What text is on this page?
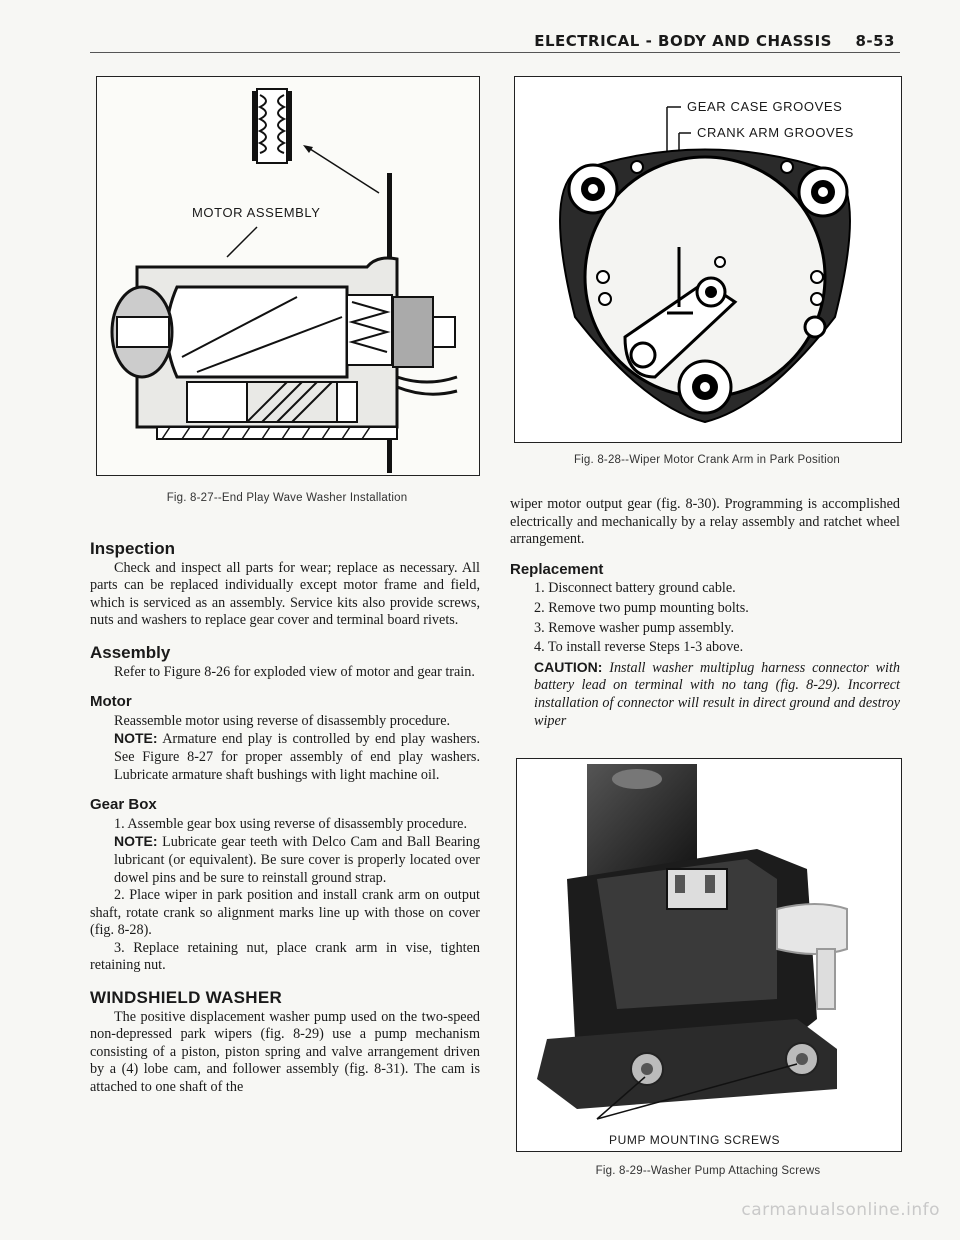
ELECTRICAL - BODY AND CHASSIS 8-53
MOTOR ASSEMBLY
Fig. 8-27--End Play Wave Washer Installation
GEAR CASE GROOVES
CRANK ARM GROOVES
Fig. 8-28--Wiper Motor Crank Arm in Park Position
PUMP MOUNTING SCREWS
Fig. 8-29--Washer Pump Attaching Screws
Inspection

Check and inspect all parts for wear; replace as necessary. All parts can be replaced individually except motor frame and field, which is serviced as an assembly. Service kits also provide screws, nuts and washers to replace gear cover and terminal board rivets.

Assembly

Refer to Figure 8-26 for exploded view of motor and gear train.

Motor

Reassemble motor using reverse of disassembly procedure.

NOTE: Armature end play is controlled by end play washers. See Figure 8-27 for proper assembly of end play washers. Lubricate armature shaft bushings with light machine oil.

Gear Box

1. Assemble gear box using reverse of disassembly procedure.

NOTE: Lubricate gear teeth with Delco Cam and Ball Bearing lubricant (or equivalent). Be sure cover is properly located over dowel pins and be sure to reinstall ground strap.

2. Place wiper in park position and install crank arm on output shaft, rotate crank so alignment marks line up with those on cover (fig. 8-28).

3. Replace retaining nut, place crank arm in vise, tighten retaining nut.

WINDSHIELD WASHER

The positive displacement washer pump used on the two-speed non-depressed park wipers (fig. 8-29) use a pump mechanism consisting of a piston, piston spring and valve arrangement driven by a (4) lobe cam, and follower assembly (fig. 8-31). The cam is attached to one shaft of the

wiper motor output gear (fig. 8-30). Programming is accomplished electrically and mechanically by a relay assembly and ratchet wheel arrangement.

Replacement

1. Disconnect battery ground cable.

2. Remove two pump mounting bolts.

3. Remove washer pump assembly.

4. To install reverse Steps 1-3 above.

CAUTION: Install washer multiplug harness connector with battery lead on terminal with no tang (fig. 8-29). Incorrect installation of connector will result in direct ground and destroy wiper

carmanualsonline.info
